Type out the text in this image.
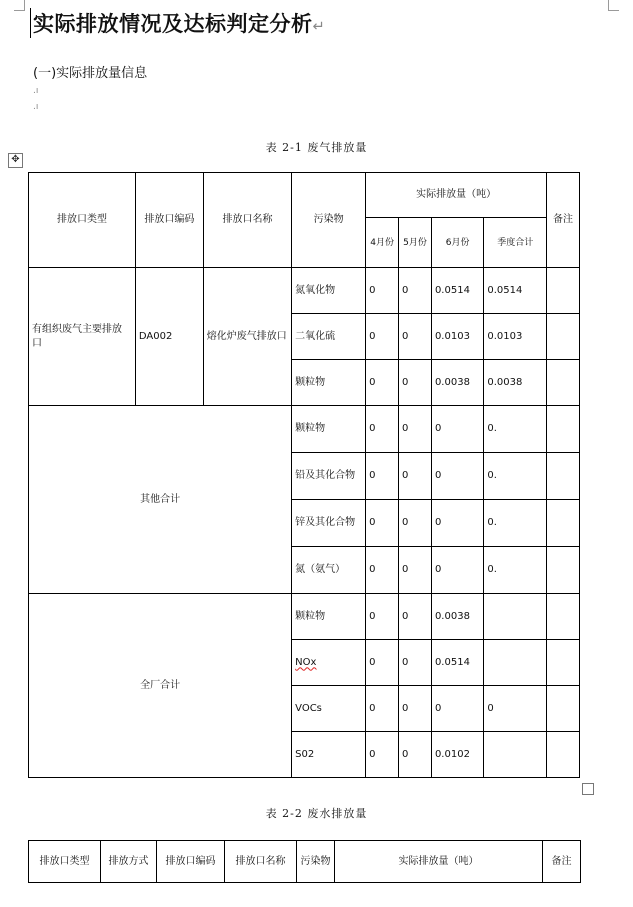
实际排放情况及达标判定分析↵
(一)实际排放量信息
.ı
.ı
表 2-1 废气排放量
✥
排放口类型	排放口编码	排放口名称	污染物	实际排放量（吨）				备注
				4月份	5月份	6月份	季度合计	
有组织废气主要排放口	DA002	熔化炉废气排放口	氮氧化物	0	0	0.0514	0.0514	
			二氧化硫	0	0	0.0103	0.0103	
			颗粒物	0	0	0.0038	0.0038	
其他合计			颗粒物	0	0	0	0.	
			铅及其化合物	0	0	0	0.	
			锌及其化合物	0	0	0	0.	
			氮（氨气）	0	0	0	0.	
全厂合计			颗粒物	0	0	0.0038		
			NOx	0	0	0.0514		
			VOCs	0	0	0	0	
			S02	0	0	0.0102		
表 2-2 废水排放量
排放口类型	排放方式	排放口编码	排放口名称	污染物	实际排放量（吨）	备注
